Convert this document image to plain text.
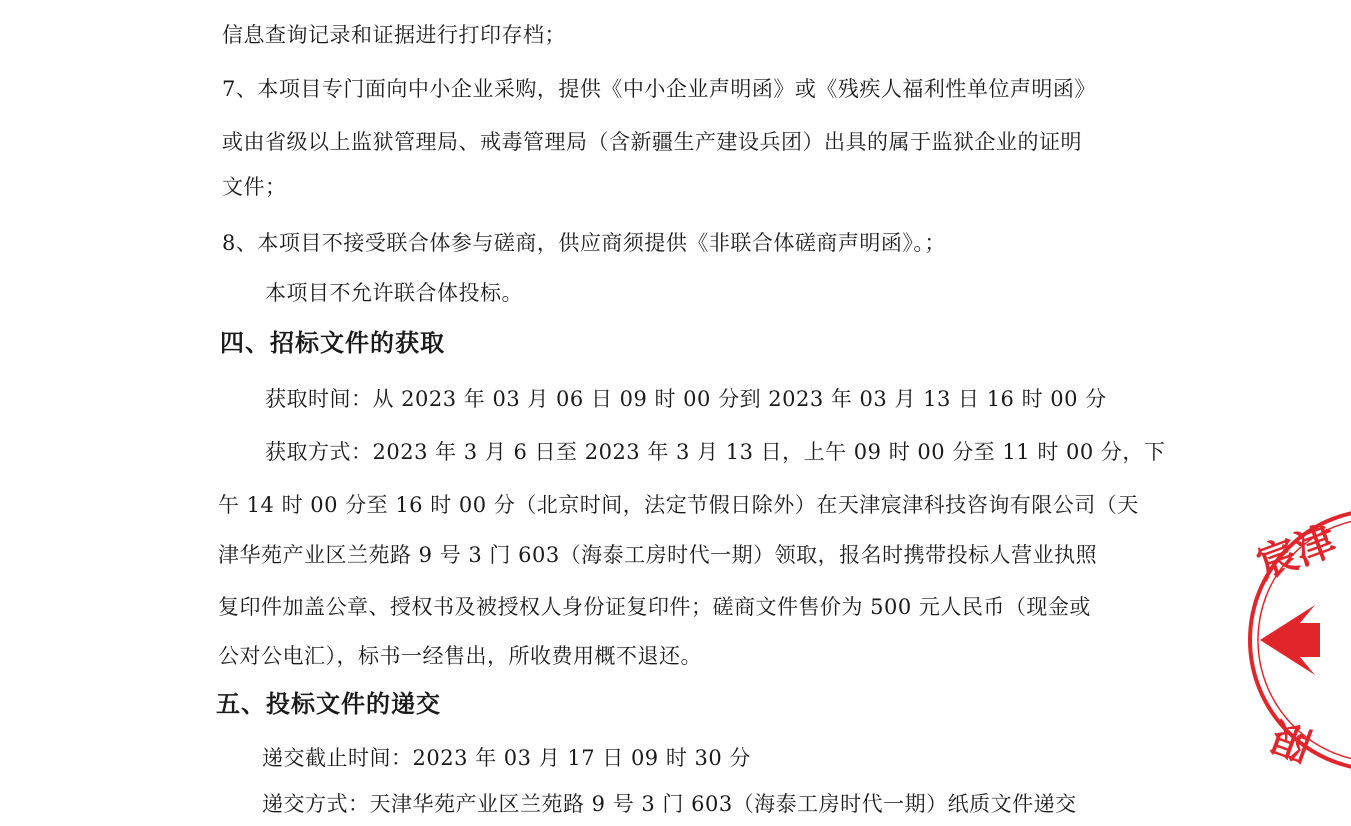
信息查询记录和证据进行打印存档；
7、本项目专门面向中小企业采购，提供《中小企业声明函》或《残疾人福利性单位声明函》
或由省级以上监狱管理局、戒毒管理局（含新疆生产建设兵团）出具的属于监狱企业的证明
文件；
8、本项目不接受联合体参与磋商，供应商须提供《非联合体磋商声明函》。；
本项目不允许联合体投标。
四、招标文件的获取
获取时间：从 2023 年 03 月 06 日 09 时 00 分到 2023 年 03 月 13 日 16 时 00 分
获取方式：2023 年 3 月 6 日至 2023 年 3 月 13 日，上午 09 时 00 分至 11 时 00 分，下
午 14 时 00 分至 16 时 00 分（北京时间，法定节假日除外）在天津宸津科技咨询有限公司（天
津华苑产业区兰苑路 9 号 3 门 603（海泰工房时代一期）领取，报名时携带投标人营业执照
复印件加盖公章、授权书及被授权人身份证复印件；磋商文件售价为 500 元人民币（现金或
公对公电汇），标书一经售出，所收费用概不退还。
五、投标文件的递交
递交截止时间：2023 年 03 月 17 日 09 时 30 分
递交方式：天津华苑产业区兰苑路 9 号 3 门 603（海泰工房时代一期）纸质文件递交
宸津
限
